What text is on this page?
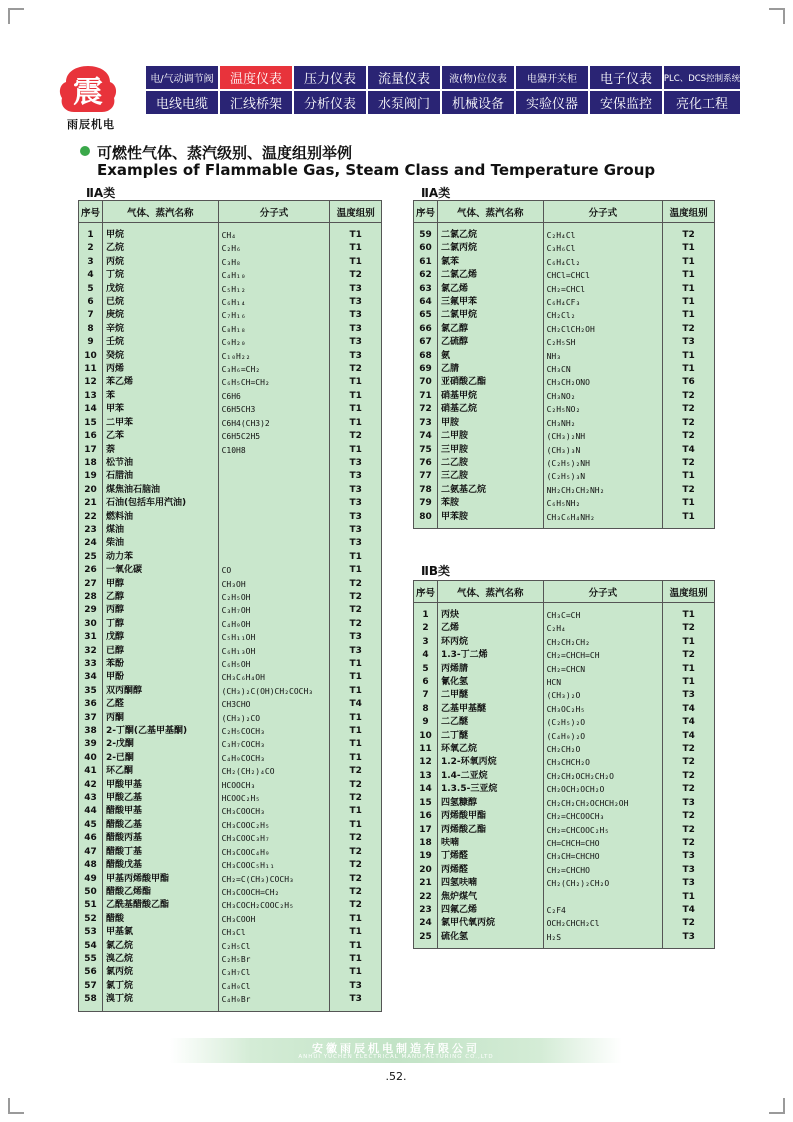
震
雨辰机电
电/气动调节阀	温度仪表	压力仪表	流量仪表	液(物)位仪表	电器开关柜	电子仪表	PLC、DCS控制系统
电线电缆	汇线桥架	分析仪表	水泵阀门	机械设备	实验仪器	安保监控	亮化工程
可燃性气体、蒸汽级别、温度组别举例
Examples of Flammable Gas, Steam Class and Temperature Group
ⅡA类	ⅡA类
ⅡB类
序号	气体、蒸汽名称	分子式	温度组别
1	甲烷	CH₄	T1
2	乙烷	C₂H₆	T1
3	丙烷	C₃H₈	T1
4	丁烷	C₄H₁₀	T2
5	戊烷	C₅H₁₂	T3
6	已烷	C₆H₁₄	T3
7	庚烷	C₇H₁₆	T3
8	辛烷	C₈H₁₈	T3
9	壬烷	C₉H₂₀	T3
10	癸烷	C₁₀H₂₂	T3
11	丙烯	C₃H₆=CH₂	T2
12	苯乙烯	C₆H₅CH=CH₂	T1
13	苯	C6H6	T1
14	甲苯	C6H5CH3	T1
15	二甲苯	C6H4(CH3)2	T1
16	乙苯	C6H5C2H5	T2
17	萘	C10H8	T1
18	松节油		T3
19	石腊油		T3
20	煤焦油石脑油		T3
21	石油(包括车用汽油)		T3
22	燃料油		T3
23	煤油		T3
24	柴油		T3
25	动力苯		T1
26	一氧化碳	CO	T1
27	甲醇	CH₃OH	T2
28	乙醇	C₂H₅OH	T2
29	丙醇	C₃H₇OH	T2
30	丁醇	C₄H₉OH	T2
31	戊醇	C₅H₁₁OH	T3
32	已醇	C₆H₁₃OH	T3
33	苯酚	C₆H₅OH	T1
34	甲酚	CH₃C₆H₄OH	T1
35	双丙酮醇	(CH₃)₂C(OH)CH₂COCH₃	T1
36	乙醛	CH3CHO	T4
37	丙酮	(CH₃)₂CO	T1
38	2-丁酮(乙基甲基酮)	C₂H₅COCH₃	T1
39	2-戊酮	C₃H₇COCH₃	T1
40	2-已酮	C₄H₉COCH₃	T1
41	环乙酮	CH₂(CH₂)₄CO	T2
42	甲酸甲基	HCOOCH₃	T2
43	甲酸乙基	HCOOC₂H₅	T2
44	醋酸甲基	CH₃COOCH₃	T1
45	醋酸乙基	CH₃COOC₂H₅	T1
46	醋酸丙基	CH₃COOC₃H₇	T2
47	醋酸丁基	CH₃COOC₄H₉	T2
48	醋酸戊基	CH₃COOC₅H₁₁	T2
49	甲基丙烯酸甲酯	CH₂=C(CH₃)COCH₃	T2
50	醋酸乙烯酯	CH₃COOCH=CH₂	T2
51	乙酰基醋酸乙酯	CH₃COCH₂COOC₂H₅	T2
52	醋酸	CH₃COOH	T1
53	甲基氯	CH₃Cl	T1
54	氯乙烷	C₂H₅Cl	T1
55	溴乙烷	C₂H₅Br	T1
56	氯丙烷	C₃H₇Cl	T1
57	氯丁烷	C₄H₉Cl	T3
58	溴丁烷	C₄H₉Br	T3
序号	气体、蒸汽名称	分子式	温度组别
59	二氯乙烷	C₂H₄Cl	T2
60	二氯丙烷	C₃H₆Cl	T1
61	氯苯	C₆H₄Cl₂	T1
62	二氯乙烯	CHCl=CHCl	T1
63	氯乙烯	CH₂=CHCl	T1
64	三氟甲苯	C₆H₄CF₃	T1
65	二氯甲烷	CH₂Cl₂	T1
66	氯乙醇	CH₂ClCH₂OH	T2
67	乙硫醇	C₂H₅SH	T3
68	氨	NH₃	T1
69	乙腈	CH₃CN	T1
70	亚硝酸乙酯	CH₃CH₂ONO	T6
71	硝基甲烷	CH₃NO₂	T2
72	硝基乙烷	C₂H₅NO₂	T2
73	甲胺	CH₃NH₂	T2
74	二甲胺	(CH₃)₂NH	T2
75	三甲胺	(CH₃)₃N	T4
76	二乙胺	(C₂H₅)₂NH	T2
77	三乙胺	(C₂H₅)₃N	T1
78	二氨基乙烷	NH₂CH₂CH₂NH₂	T2
79	苯胺	C₆H₅NH₂	T1
80	甲苯胺	CH₃C₆H₄NH₂	T1
序号	气体、蒸汽名称	分子式	温度组别
1	丙炔	CH₃C=CH	T1
2	乙烯	C₂H₄	T2
3	环丙烷	CH₂CH₂CH₂	T1
4	1.3-丁二烯	CH₂=CHCH=CH	T2
5	丙烯腈	CH₂=CHCN	T1
6	氰化氢	HCN	T1
7	二甲醚	(CH₃)₂O	T3
8	乙基甲基醚	CH₃OC₂H₅	T4
9	二乙醚	(C₂H₅)₂O	T4
10	二丁醚	(C₄H₉)₂O	T4
11	环氧乙烷	CH₂CH₂O	T2
12	1.2-环氧丙烷	CH₃CHCH₂O	T2
13	1.4-二亚烷	CH₂CH₂OCH₂CH₂O	T2
14	1.3.5-三亚烷	CH₂OCH₂OCH₂O	T2
15	四氢糠醇	CH₂CH₂CH₂OCHCH₂OH	T3
16	丙烯酸甲酯	CH₂=CHCOOCH₃	T2
17	丙烯酸乙酯	CH₂=CHCOOC₂H₅	T2
18	呋喃	CH=CHCH=CHO	T2
19	丁烯醛	CH₃CH=CHCHO	T3
20	丙烯醛	CH₂=CHCHO	T3
21	四氢呋喃	CH₂(CH₂)₂CH₂O	T3
22	焦炉煤气		T1
23	四氟乙烯	C₂F4	T4
24	氯甲代氧丙烷	OCH₂CHCH₂Cl	T2
25	硫化氢	H₂S	T3
安徽雨辰机电制造有限公司
ANHUI YUCHEN ELECTRICAL MANUFACTURING CO.,LTD
.52.
